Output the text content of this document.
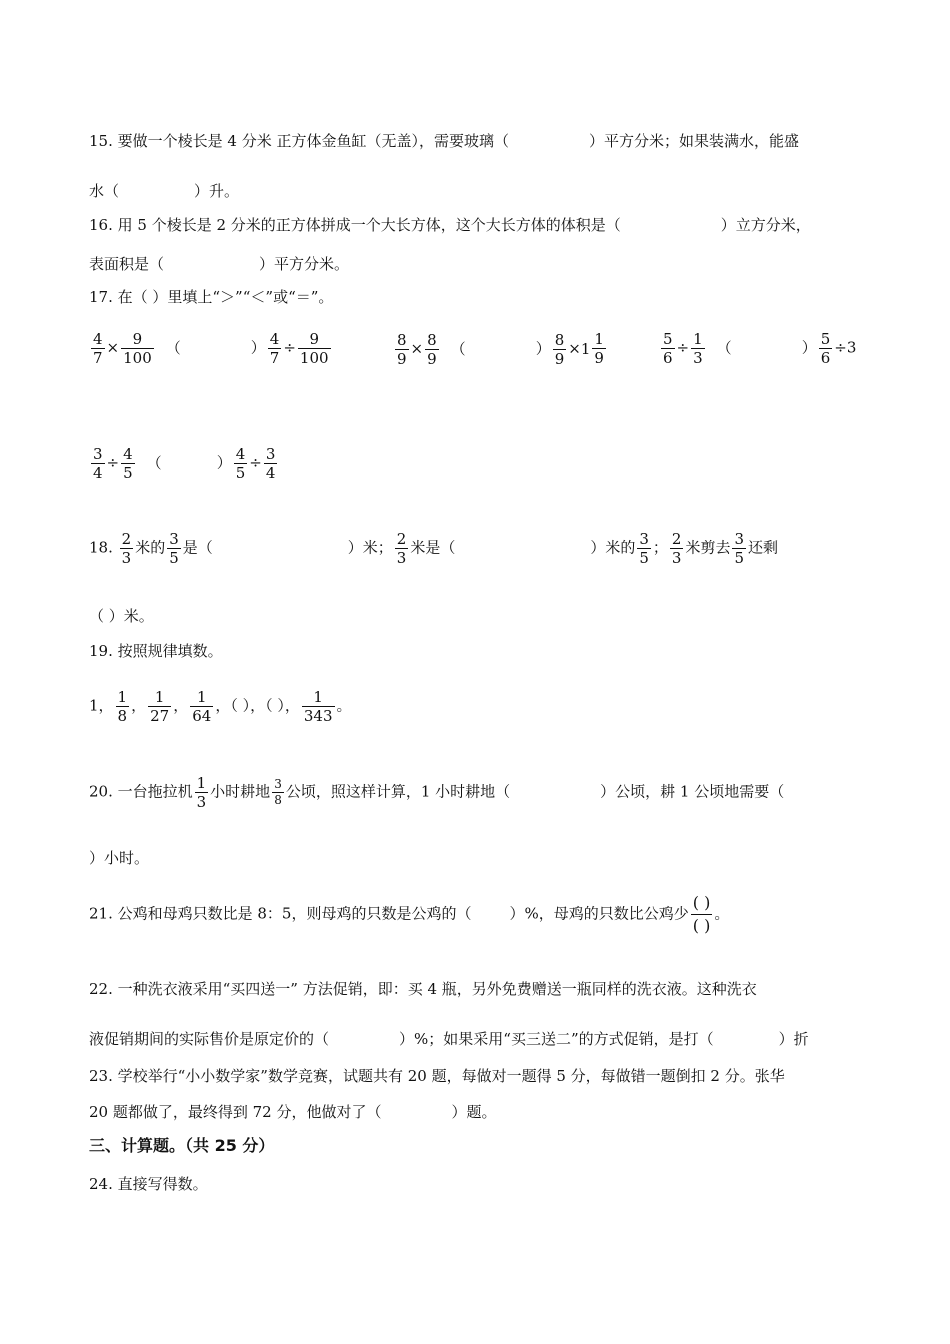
15. 要做一个棱长是 4 分米 正方体金鱼缸（无盖），需要玻璃（	）平方分米；如果装满水，能盛
水（	）升。
16. 用 5 个棱长是 2 分米的正方体拼成一个大长方体，这个大长方体的体积是（	）立方分米，
表面积是（	）平方分米。
17. 在（ ）里填上“＞”“＜”或“＝”。
$\frac{4}{7} \times \frac{9}{100}$ （	） $\frac{4}{7} \div \frac{9}{100}$	$\frac{8}{9} \times \frac{8}{9}$ （	） $\frac{8}{9} \times 1 \frac{1}{9}$	$\frac{5}{6} \div \frac{1}{3}$ （	） $\frac{5}{6} \div 3$
$\frac{3}{4} \div \frac{4}{5}$ （	） $\frac{4}{5} \div \frac{3}{4}$
18. $\frac{2}{3}$ 米的 $\frac{3}{5}$ 是（	）米； $\frac{2}{3}$ 米是（	）米的 $\frac{3}{5}$ ； $\frac{2}{3}$ 米剪去 $\frac{3}{5}$ 还剩
（ ）米。
19. 按照规律填数。
1， $\frac{1}{8}$ ， $\frac{1}{27}$ ， $\frac{1}{64}$ ，（ ），（ ）， $\frac{1}{343}$ 。
20. 一台拖拉机 $\frac{1}{3}$ 小时耕地 $\frac{3}{8}$ 公顷，照这样计算，1 小时耕地（	）公顷，耕 1 公顷地需要（
）小时。
21. 公鸡和母鸡只数比是 8：5，则母鸡的只数是公鸡的（	）%，母鸡的只数比公鸡少 $\frac{( )}{( )}$ 。
22. 一种洗衣液采用“买四送一” 方法促销，即：买 4 瓶，另外免费赠送一瓶同样的洗衣液。这种洗衣
液促销期间的实际售价是原定价的（	）%；如果采用“买三送二”的方式促销，是打（	）折
23. 学校举行“小小数学家”数学竞赛，试题共有 20 题，每做对一题得 5 分，每做错一题倒扣 2 分。张华
20 题都做了，最终得到 72 分，他做对了（	）题。
三、计算题。（共 25 分）
24. 直接写得数。
